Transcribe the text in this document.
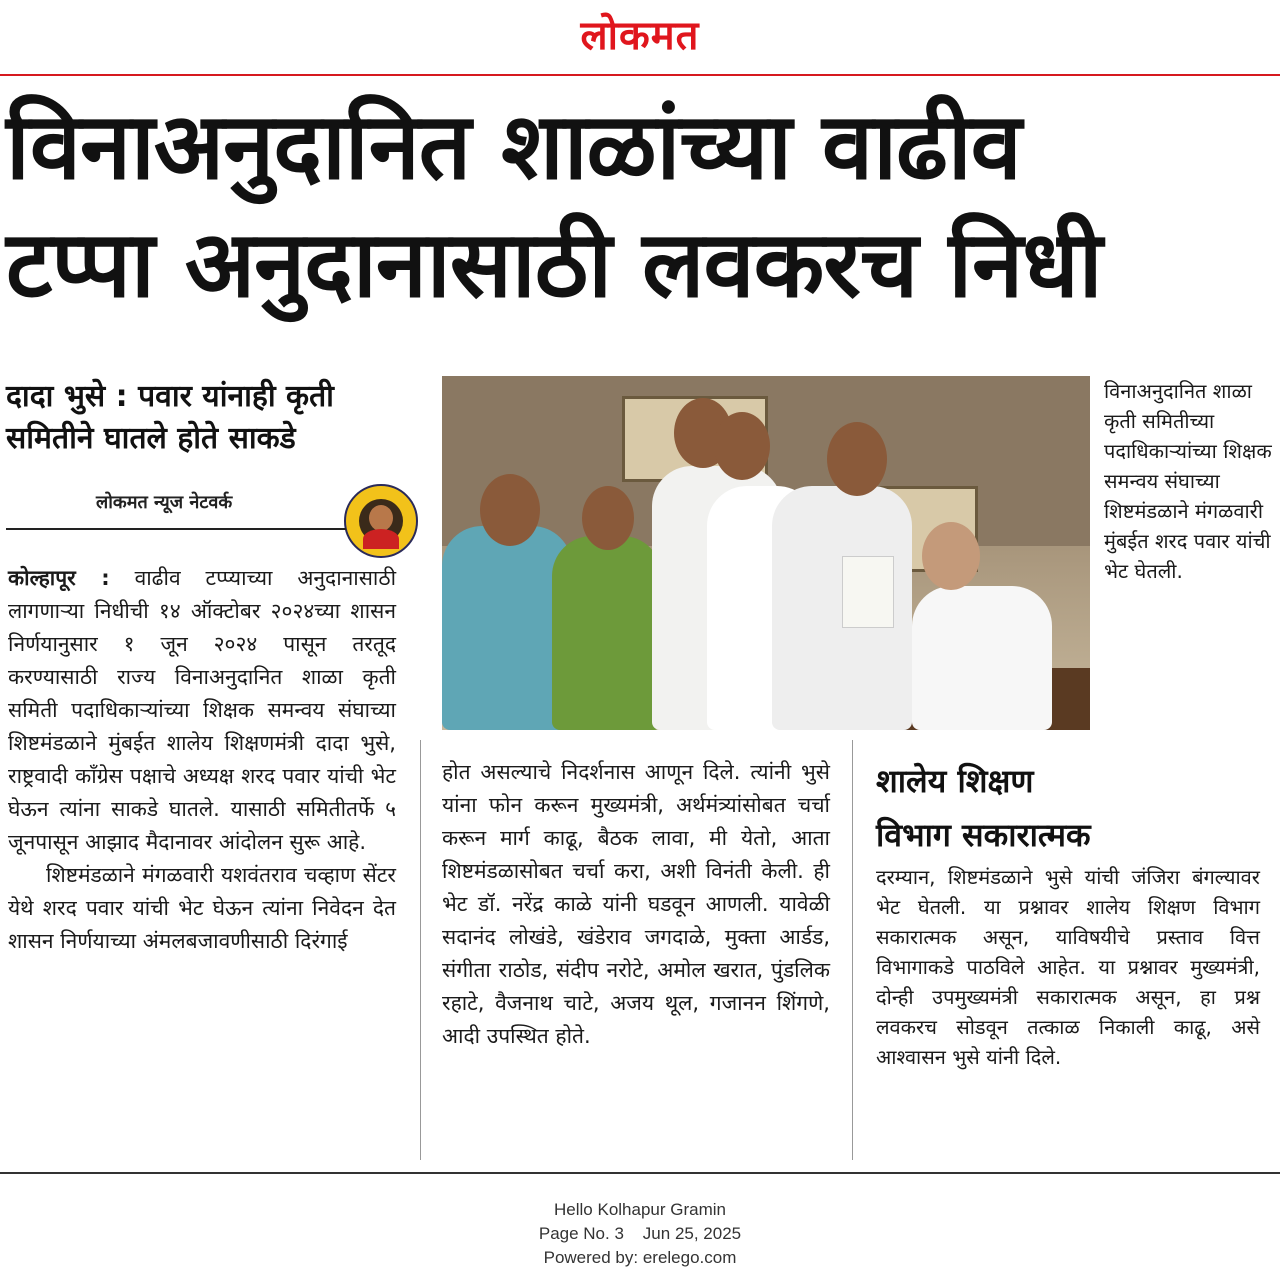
लोकमत
विनाअनुदानित शाळांच्या वाढीव
टप्पा अनुदानासाठी लवकरच निधी
दादा भुसे : पवार यांनाही कृती समितीने घातले होते साकडे
लोकमत न्यूज नेटवर्क

कोल्हापूर : वाढीव टप्प्याच्या अनुदानासाठी लागणाऱ्या निधीची १४ ऑक्टोबर २०२४च्या शासन निर्णयानुसार १ जून २०२४ पासून तरतूद करण्यासाठी राज्य विनाअनुदानित शाळा कृती समिती पदाधिकाऱ्यांच्या शिक्षक समन्वय संघाच्या शिष्टमंडळाने मुंबईत शालेय शिक्षणमंत्री दादा भुसे, राष्ट्रवादी काँग्रेस पक्षाचे अध्यक्ष शरद पवार यांची भेट घेऊन त्यांना साकडे घातले. यासाठी समितीतर्फे ५ जूनपासून आझाद मैदानावर आंदोलन सुरू आहे.

शिष्टमंडळाने मंगळवारी यशवंतराव चव्हाण सेंटर येथे शरद पवार यांची भेट घेऊन त्यांना निवेदन देत शासन निर्णयाच्या अंमलबजावणीसाठी दिरंगाई

विनाअनुदानित शाळा कृती समितीच्या पदाधिकाऱ्यांच्या शिक्षक समन्वय संघाच्या शिष्टमंडळाने मंगळवारी मुंबईत शरद पवार यांची भेट घेतली.

होत असल्याचे निदर्शनास आणून दिले. त्यांनी भुसे यांना फोन करून मुख्यमंत्री, अर्थमंत्र्यांसोबत चर्चा करून मार्ग काढू, बैठक लावा, मी येतो, आता शिष्टमंडळासोबत चर्चा करा, अशी विनंती केली. ही भेट डॉ. नरेंद्र काळे यांनी घडवून आणली. यावेळी सदानंद लोखंडे, खंडेराव जगदाळे, मुक्ता आर्डड, संगीता राठोड, संदीप नरोटे, अमोल खरात, पुंडलिक रहाटे, वैजनाथ चाटे, अजय थूल, गजानन शिंगणे, आदी उपस्थित होते.

शालेय शिक्षण
विभाग सकारात्मक

दरम्यान, शिष्टमंडळाने भुसे यांची जंजिरा बंगल्यावर भेट घेतली. या प्रश्नावर शालेय शिक्षण विभाग सकारात्मक असून, याविषयीचे प्रस्ताव वित्त विभागाकडे पाठविले आहेत. या प्रश्नावर मुख्यमंत्री, दोन्ही उपमुख्यमंत्री सकारात्मक असून, हा प्रश्न लवकरच सोडवून तत्काळ निकाली काढू, असे आश्वासन भुसे यांनी दिले.

Hello Kolhapur Gramin
Page No. 3    Jun 25, 2025
Powered by: erelego.com
